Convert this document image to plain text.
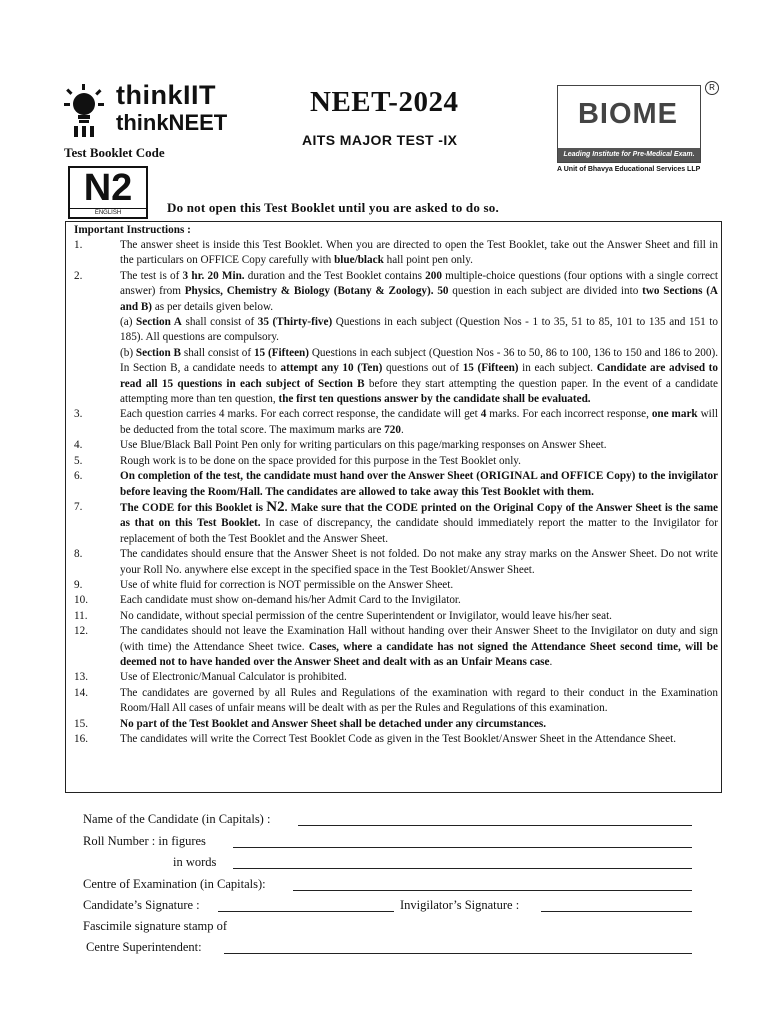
thinkIIT
thinkNEET
Test Booklet Code
N2
ENGLISH
NEET-2024
AITS MAJOR TEST -IX
Do not open this Test Booklet until you are asked to do so.
BIOME
Leading Institute for Pre-Medical Exam.
R
A Unit of Bhavya Educational Services LLP
Important Instructions :
1.	The answer sheet is inside this Test Booklet. When you are directed to open the Test Booklet, take out the Answer Sheet and fill in the particulars on OFFICE Copy carefully with blue/black hall point pen only.
2.	The test is of 3 hr. 20 Min. duration and the Test Booklet contains 200 multiple-choice questions (four options with a single correct answer) from Physics, Chemistry & Biology (Botany & Zoology). 50 question in each subject are divided into two Sections (A and B) as per details given below.
(a) Section A shall consist of 35 (Thirty-five) Questions in each subject (Question Nos - 1 to 35, 51 to 85, 101 to 135 and 151 to 185). All questions are compulsory.
(b) Section B shall consist of 15 (Fifteen) Questions in each subject (Question Nos - 36 to 50, 86 to 100, 136 to 150 and 186 to 200). In Section B, a candidate needs to attempt any 10 (Ten) questions out of 15 (Fifteen) in each subject. Candidate are advised to read all 15 questions in each subject of Section B before they start attempting the question paper. In the event of a candidate attempting more than ten question, the first ten questions answer by the candidate shall be evaluated.
3.	Each question carries 4 marks. For each correct response, the candidate will get 4 marks. For each incorrect response, one mark will be deducted from the total score. The maximum marks are 720.
4.	Use Blue/Black Ball Point Pen only for writing particulars on this page/marking responses on Answer Sheet.
5.	Rough work is to be done on the space provided for this purpose in the Test Booklet only.
6.	On completion of the test, the candidate must hand over the Answer Sheet (ORIGINAL and OFFICE Copy) to the invigilator before leaving the Room/Hall. The candidates are allowed to take away this Test Booklet with them.
7.	The CODE for this Booklet is N2. Make sure that the CODE printed on the Original Copy of the Answer Sheet is the same as that on this Test Booklet. In case of discrepancy, the candidate should immediately report the matter to the Invigilator for replacement of both the Test Booklet and the Answer Sheet.
8.	The candidates should ensure that the Answer Sheet is not folded. Do not make any stray marks on the Answer Sheet. Do not write your Roll No. anywhere else except in the specified space in the Test Booklet/Answer Sheet.
9.	Use of white fluid for correction is NOT permissible on the Answer Sheet.
10.	Each candidate must show on-demand his/her Admit Card to the Invigilator.
11.	No candidate, without special permission of the centre Superintendent or Invigilator, would leave his/her seat.
12.	The candidates should not leave the Examination Hall without handing over their Answer Sheet to the Invigilator on duty and sign (with time) the Attendance Sheet twice. Cases, where a candidate has not signed the Attendance Sheet second time, will be deemed not to have handed over the Answer Sheet and dealt with as an Unfair Means case.
13.	Use of Electronic/Manual Calculator is prohibited.
14.	The candidates are governed by all Rules and Regulations of the examination with regard to their conduct in the Examination Room/Hall All cases of unfair means will be dealt with as per the Rules and Regulations of this examination.
15.	No part of the Test Booklet and Answer Sheet shall be detached under any circumstances.
16.	The candidates will write the Correct Test Booklet Code as given in the Test Booklet/Answer Sheet in the Attendance Sheet.
Name of the Candidate (in Capitals) :
Roll Number : in figures
in words
Centre of Examination (in Capitals):
Candidate’s Signature :	Invigilator’s Signature :
Fascimile signature stamp of
Centre Superintendent:
